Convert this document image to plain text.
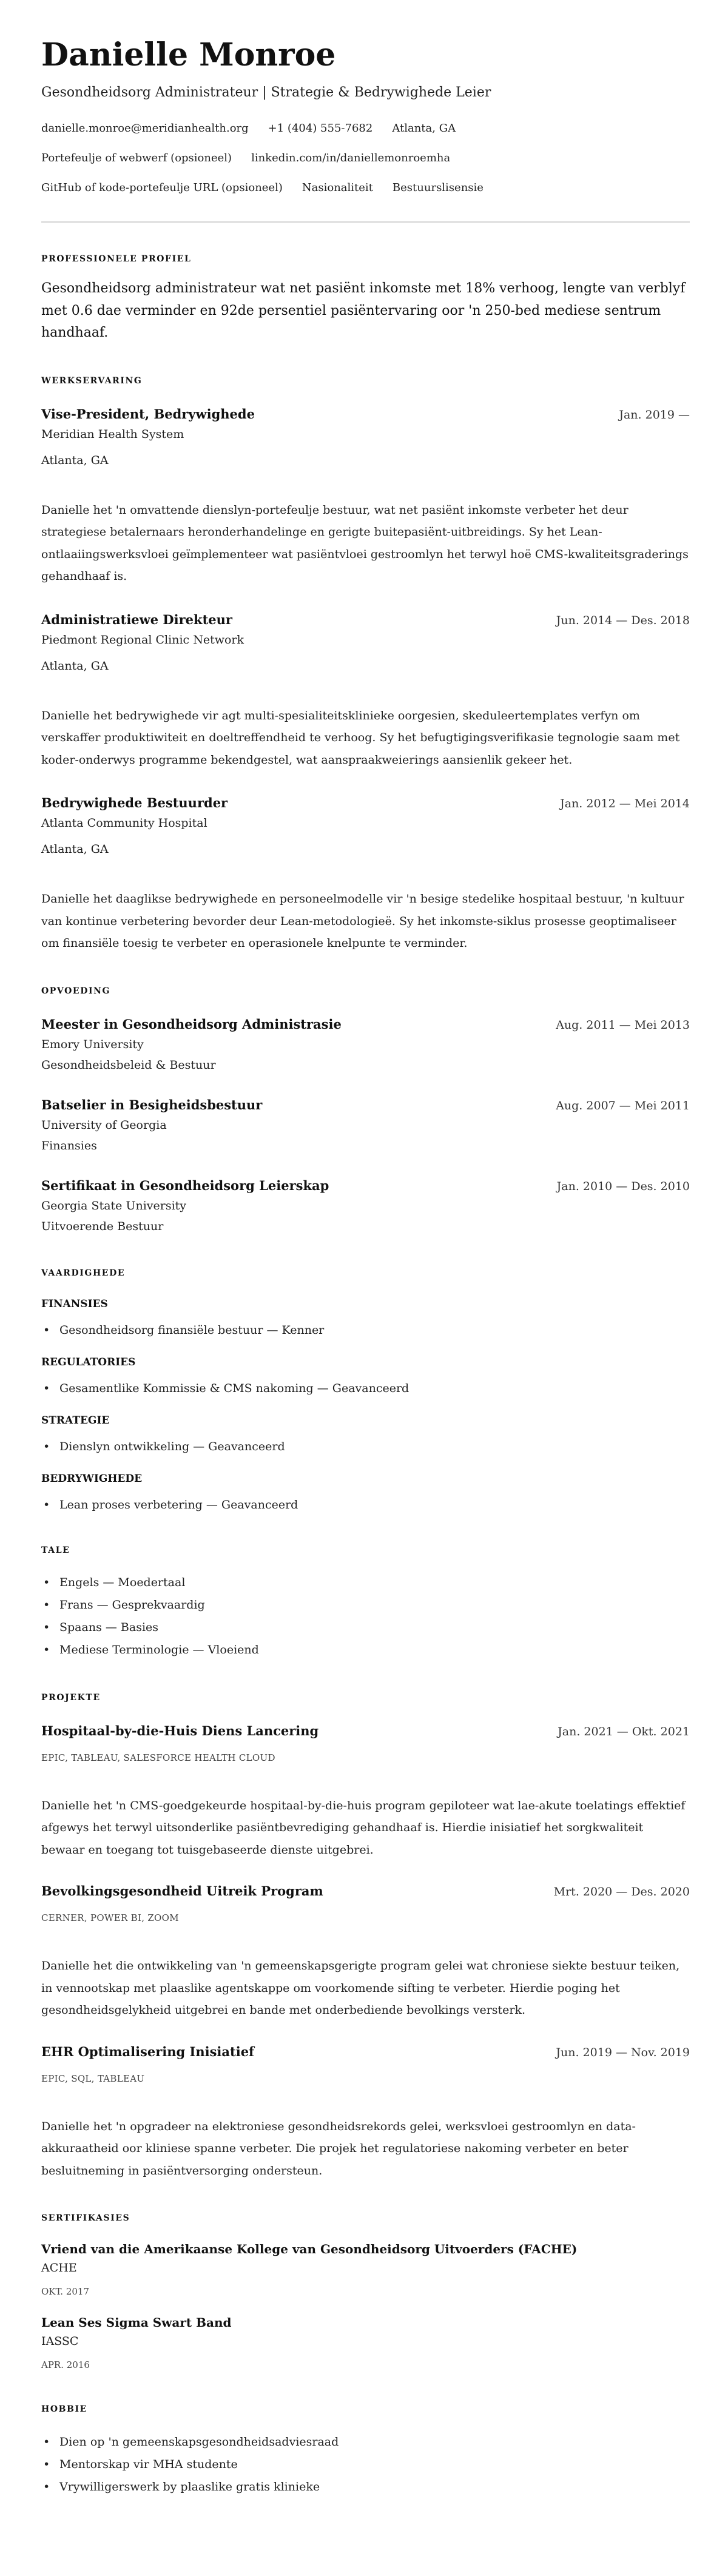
Danielle Monroe
Gesondheidsorg Administrateur | Strategie & Bedrywighede Leier
danielle.monroe@meridianhealth.org +1 (404) 555-7682 Atlanta, GA
Portefeulje of webwerf (opsioneel) linkedin.com/in/daniellemonroemha
GitHub of kode-portefeulje URL (opsioneel) Nasionaliteit Bestuurslisensie
PROFESSIONELE PROFIEL

Gesondheidsorg administrateur wat net pasiënt inkomste met 18% verhoog, lengte van verblyf met 0.6 dae verminder en 92de persentiel pasiëntervaring oor 'n 250-bed mediese sentrum handhaaf.

WERKSERVARING
Vise-President, Bedrywighede	Jan. 2019 —
Meridian Health System
Atlanta, GA

Danielle het 'n omvattende dienslyn-portefeulje bestuur, wat net pasiënt inkomste verbeter het deur strategiese betalernaars heronderhandelinge en gerigte buitepasiënt-uitbreidings. Sy het Lean-ontlaaiingswerksvloei geïmplementeer wat pasiëntvloei gestroomlyn het terwyl hoë CMS-kwaliteitsgraderings gehandhaaf is.

Administratiewe Direkteur	Jun. 2014 — Des. 2018
Piedmont Regional Clinic Network
Atlanta, GA

Danielle het bedrywighede vir agt multi-spesialiteitsklinieke oorgesien, skeduleertemplates verfyn om verskaffer produktiwiteit en doeltreffendheid te verhoog. Sy het befugtigingsverifikasie tegnologie saam met koder-onderwys programme bekendgestel, wat aanspraakweierings aansienlik gekeer het.

Bedrywighede Bestuurder	Jan. 2012 — Mei 2014
Atlanta Community Hospital
Atlanta, GA

Danielle het daaglikse bedrywighede en personeelmodelle vir 'n besige stedelike hospitaal bestuur, 'n kultuur van kontinue verbetering bevorder deur Lean-metodologieë. Sy het inkomste-siklus prosesse geoptimaliseer om finansiële toesig te verbeter en operasionele knelpunte te verminder.

OPVOEDING
Meester in Gesondheidsorg Administrasie	Aug. 2011 — Mei 2013
Emory University
Gesondheidsbeleid & Bestuur
Batselier in Besigheidsbestuur	Aug. 2007 — Mei 2011
University of Georgia
Finansies
Sertifikaat in Gesondheidsorg Leierskap	Jan. 2010 — Des. 2010
Georgia State University
Uitvoerende Bestuur
VAARDIGHEDE
FINANSIES
• Gesondheidsorg finansiële bestuur — Kenner
REGULATORIES
• Gesamentlike Kommissie & CMS nakoming — Geavanceerd
STRATEGIE
• Dienslyn ontwikkeling — Geavanceerd
BEDRYWIGHEDE
• Lean proses verbetering — Geavanceerd
TALE
• Engels — Moedertaal
• Frans — Gesprekvaardig
• Spaans — Basies
• Mediese Terminologie — Vloeiend
PROJEKTE
Hospitaal-by-die-Huis Diens Lancering	Jan. 2021 — Okt. 2021
EPIC, TABLEAU, SALESFORCE HEALTH CLOUD

Danielle het 'n CMS-goedgekeurde hospitaal-by-die-huis program gepiloteer wat lae-akute toelatings effektief afgewys het terwyl uitsonderlike pasiëntbevrediging gehandhaaf is. Hierdie inisiatief het sorgkwaliteit bewaar en toegang tot tuisgebaseerde dienste uitgebrei.

Bevolkingsgesondheid Uitreik Program	Mrt. 2020 — Des. 2020
CERNER, POWER BI, ZOOM

Danielle het die ontwikkeling van 'n gemeenskapsgerigte program gelei wat chroniese siekte bestuur teiken, in vennootskap met plaaslike agentskappe om voorkomende sifting te verbeter. Hierdie poging het gesondheidsgelykheid uitgebrei en bande met onderbediende bevolkings versterk.

EHR Optimalisering Inisiatief	Jun. 2019 — Nov. 2019
EPIC, SQL, TABLEAU

Danielle het 'n opgradeer na elektroniese gesondheidsrekords gelei, werksvloei gestroomlyn en data-akkuraatheid oor kliniese spanne verbeter. Die projek het regulatoriese nakoming verbeter en beter besluitneming in pasiëntversorging ondersteun.

SERTIFIKASIES
Vriend van die Amerikaanse Kollege van Gesondheidsorg Uitvoerders (FACHE)
ACHE
OKT. 2017
Lean Ses Sigma Swart Band
IASSC
APR. 2016
HOBBIE
• Dien op 'n gemeenskapsgesondheidsadviesraad
• Mentorskap vir MHA studente
• Vrywilligerswerk by plaaslike gratis klinieke
